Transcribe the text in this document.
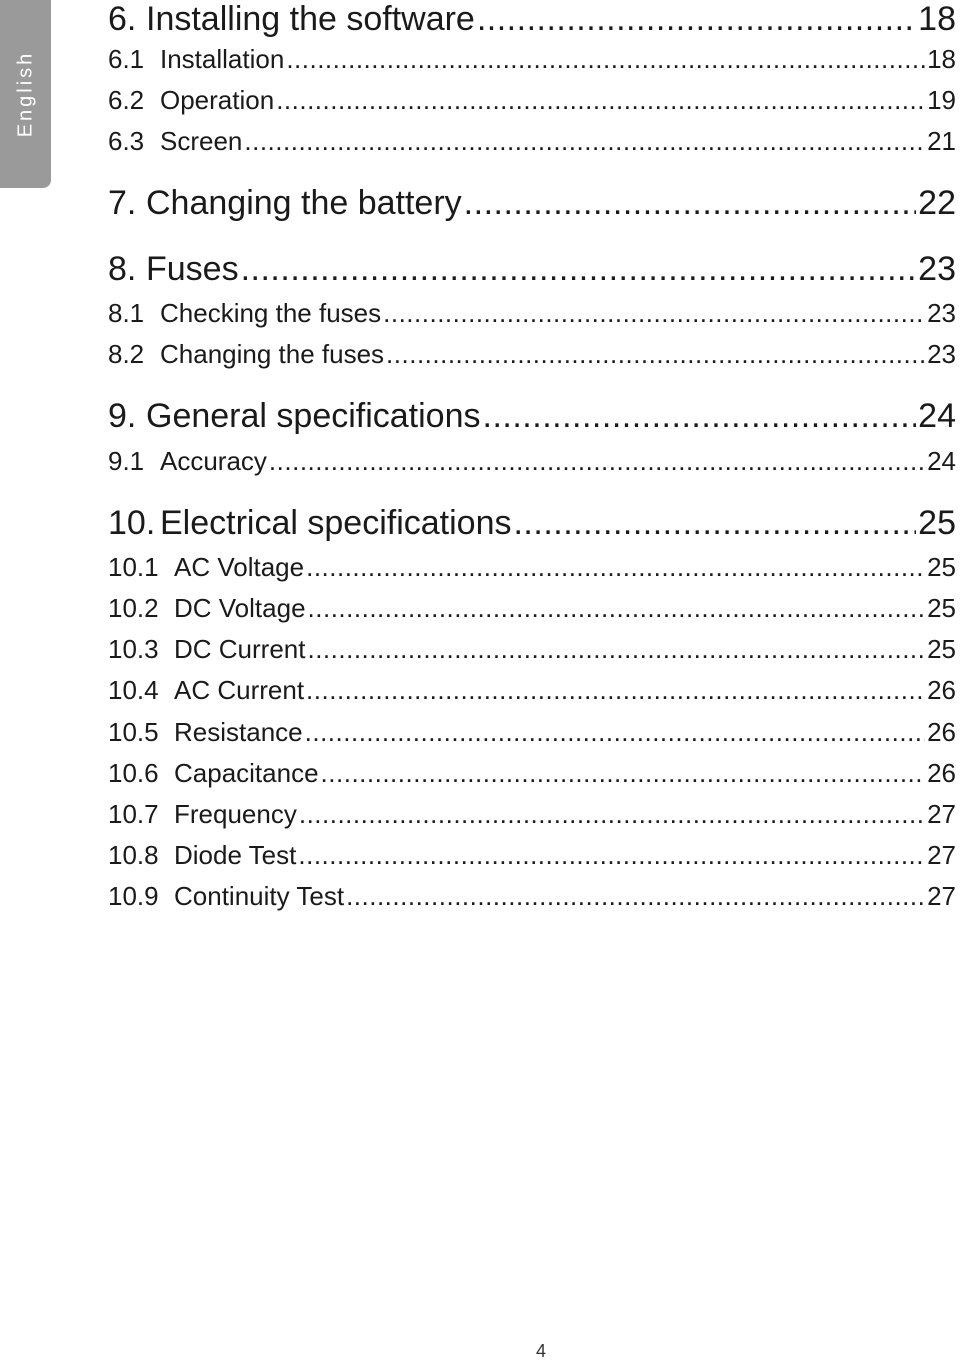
English
6. Installing the software .....	18
6.1 Installation .....	18
6.2 Operation .....	19
6.3 Screen .....	21
7. Changing the battery .....	22
8. Fuses .....	23
8.1 Checking the fuses .....	23
8.2 Changing the fuses .....	23
9. General specifications .....	24
9.1 Accuracy .....	24
10. Electrical specifications .....	25
10.1 AC Voltage .....	25
10.2 DC Voltage .....	25
10.3 DC Current .....	25
10.4 AC Current .....	26
10.5 Resistance .....	26
10.6 Capacitance .....	26
10.7 Frequency .....	27
10.8 Diode Test .....	27
10.9 Continuity Test .....	27
4
